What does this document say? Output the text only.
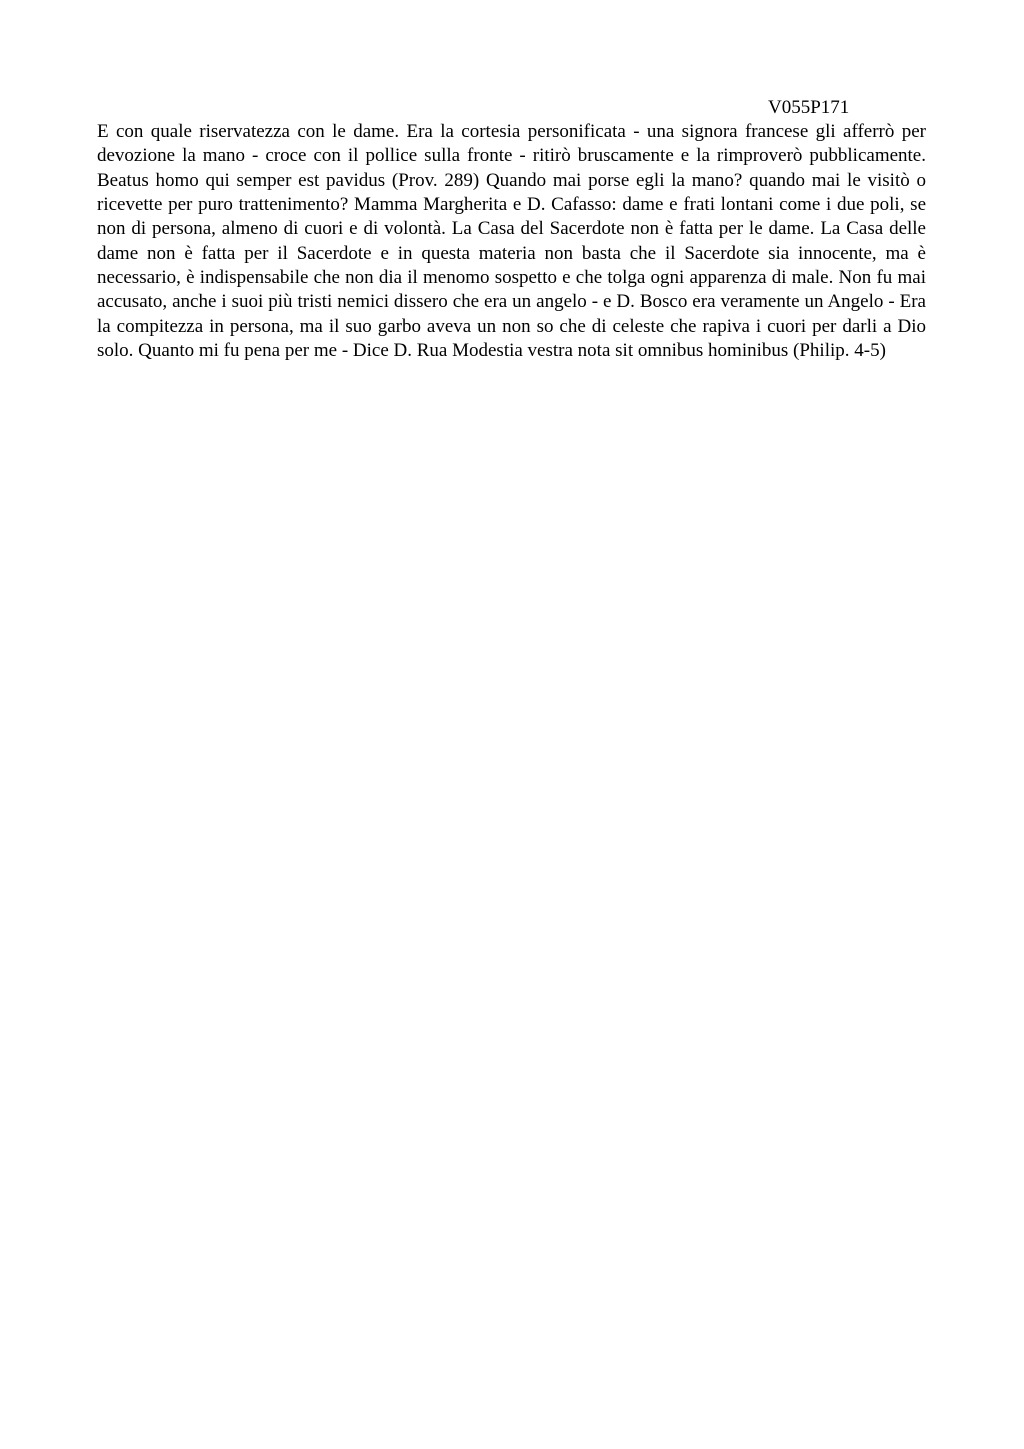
V055P171

E con quale riservatezza con le dame. Era la cortesia personificata - una signora francese gli afferrò per devozione la mano - croce con il pollice sulla fronte - ritirò bruscamente e la rimproverò pubblicamente. Beatus homo qui semper est pavidus (Prov. 289) Quando mai porse egli la mano? quando mai le visitò o ricevette per puro trattenimento? Mamma Margherita e D. Cafasso: dame e frati lontani come i due poli, se non di persona, almeno di cuori e di volontà. La Casa del Sacerdote non è fatta per le dame. La Casa delle dame non è fatta per il Sacerdote e in questa materia non basta che il Sacerdote sia innocente, ma è necessario, è indispensabile che non dia il menomo sospetto e che tolga ogni apparenza di male. Non fu mai accusato, anche i suoi più tristi nemici dissero che era un angelo - e D. Bosco era veramente un Angelo - Era la compitezza in persona, ma il suo garbo aveva un non so che di celeste che rapiva i cuori per darli a Dio solo. Quanto mi fu pena per me - Dice D. Rua Modestia vestra nota sit omnibus hominibus (Philip. 4-5)
